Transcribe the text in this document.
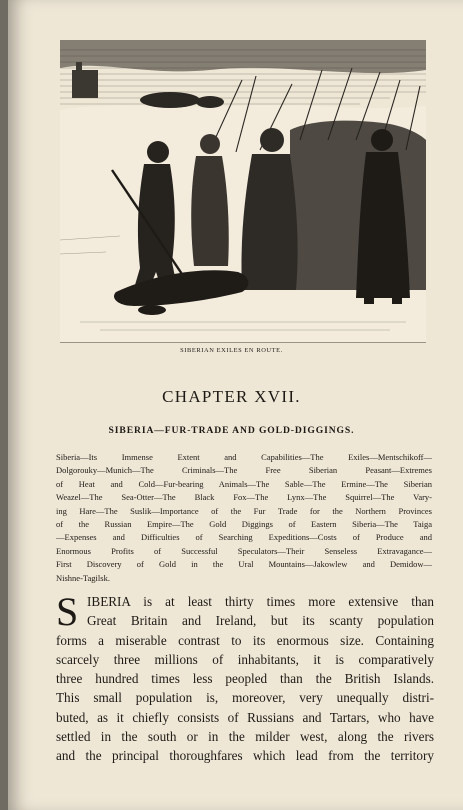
SIBERIAN EXILES EN ROUTE.
CHAPTER XVII.
SIBERIA—FUR-TRADE AND GOLD-DIGGINGS.
Siberia—Its Immense Extent and Capabilities—The Exiles—Mentschikoff—
Dolgorouky—Munich—The Criminals—The Free Siberian Peasant—Extremes
of Heat and Cold—Fur-bearing Animals—The Sable—The Ermine—The Siberian
Weazel—The Sea-Otter—The Black Fox—The Lynx—The Squirrel—The Vary-
ing Hare—The Suslik—Importance of the Fur Trade for the Northern Provinces
of the Russian Empire—The Gold Diggings of Eastern Siberia—The Taiga
—Expenses and Difficulties of Searching Expeditions—Costs of Produce and
Enormous Profits of Successful Speculators—Their Senseless Extravagance—
First Discovery of Gold in the Ural Mountains—Jakowlew and Demidow—
Nishne-Tagilsk.
S IBERIA is at least thirty times more extensive than
Great Britain and Ireland, but its scanty population
forms a miserable contrast to its enormous size. Containing
scarcely three millions of inhabitants, it is comparatively
three hundred times less peopled than the British Islands.
This small population is, moreover, very unequally distri-
buted, as it chiefly consists of Russians and Tartars, who have
settled in the south or in the milder west, along the rivers
and the principal thoroughfares which lead from the territory
